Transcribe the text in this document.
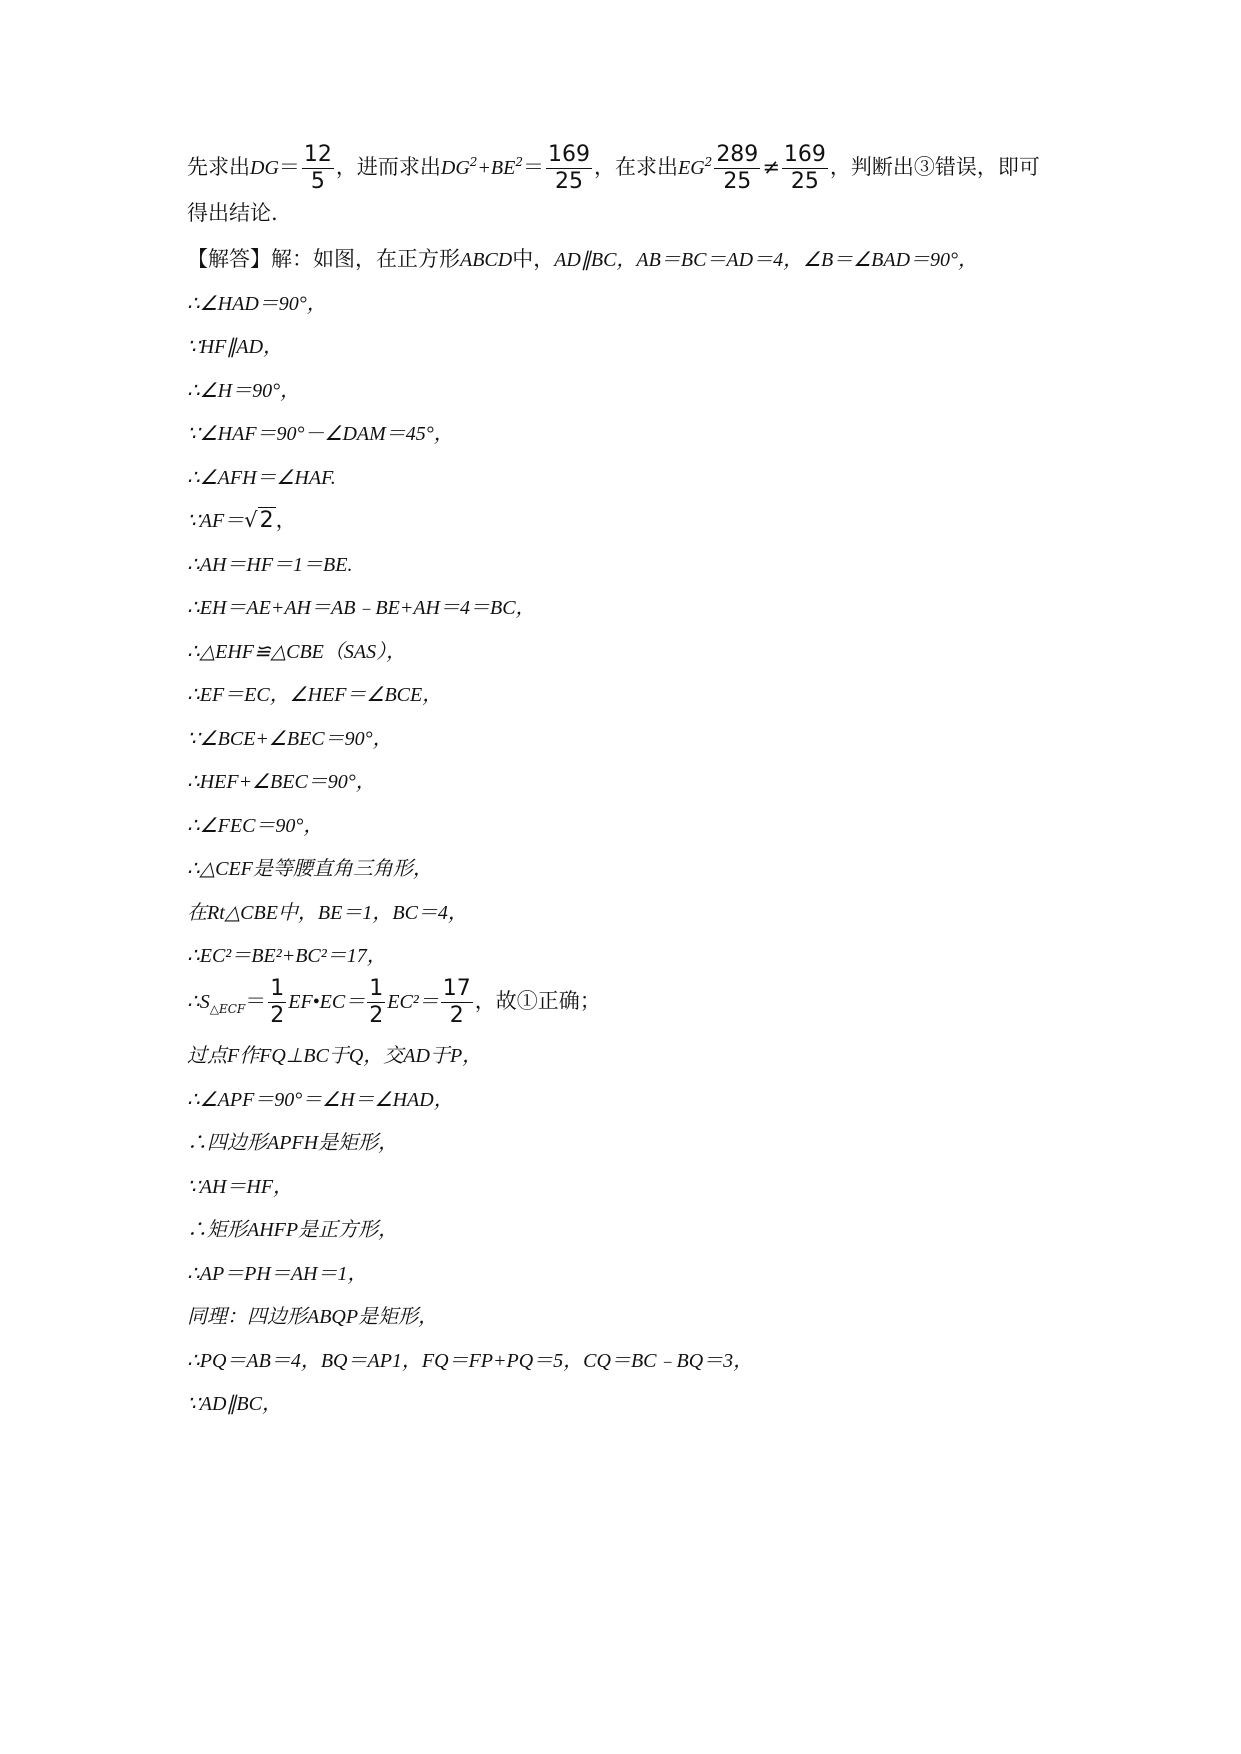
先求出$DG= \frac{12}{5}$ ，进而求出$DG^2+BE^2= \frac{169}{25}$ ，在求出$EG^2 \frac{289}{25} \ne \frac{169}{25}$ ，判断出③错误，即可
得出结论.
【解答】解：如图，在正方形ABCD中，AD∥BC，AB＝BC＝AD＝4，∠B＝∠BAD＝90°，
∴∠HAD＝90°，
∵HF∥AD，
∴∠H＝90°，
∵∠HAF＝90°－∠DAM＝45°，
∴∠AFH＝∠HAF.
∵AF＝√2，
∴AH＝HF＝1＝BE.
∴EH＝AE+AH＝AB﹣BE+AH＝4＝BC，
∴△EHF≌△CBE（SAS），
∴EF＝EC，∠HEF＝∠BCE，
∵∠BCE+∠BEC＝90°，
∴HEF+∠BEC＝90°，
∴∠FEC＝90°，
∴△CEF是等腰直角三角形，
在Rt△CBE中，BE＝1，BC＝4，
∴EC²＝BE²+BC²＝17，
$\therefore S_{\triangle ECF}= \frac{1}{2}$ EF•EC＝ $\frac{1}{2} EC^2= \frac{17}{2}$ ，故①正确；
过点F作FQ⊥BC于Q，交AD于P，
∴∠APF＝90°＝∠H＝∠HAD，
∴四边形APFH是矩形，
∵AH＝HF，
∴矩形AHFP是正方形，
∴AP＝PH＝AH＝1，
同理：四边形ABQP是矩形，
∴PQ＝AB＝4，BQ＝AP1，FQ＝FP+PQ＝5，CQ＝BC﹣BQ＝3，
∵AD∥BC，
